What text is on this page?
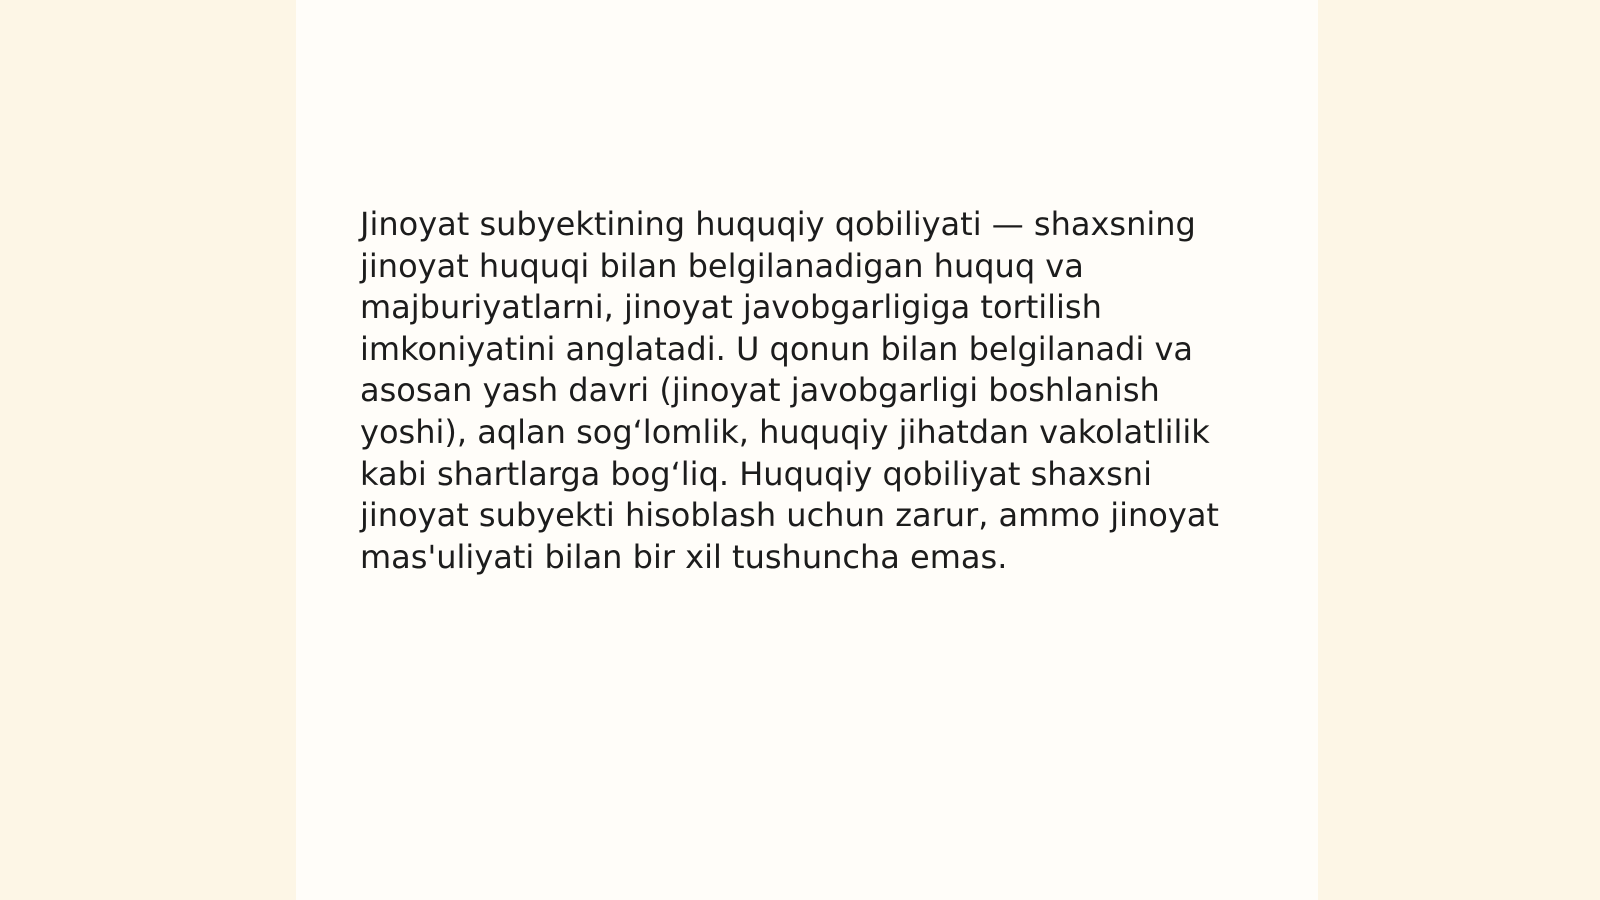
Jinoyat subyektining huquqiy qobiliyati — shaxsning jinoyat huquqi bilan belgilanadigan huquq va majburiyatlarni, jinoyat javobgarligiga tortilish imkoniyatini anglatadi. U qonun bilan belgilanadi va asosan yash davri (jinoyat javobgarligi boshlanish yoshi), aqlan sog‘lomlik, huquqiy jihatdan vakolatlilik kabi shartlarga bog‘liq. Huquqiy qobiliyat shaxsni jinoyat subyekti hisoblash uchun zarur, ammo jinoyat mas'uliyati bilan bir xil tushuncha emas.
